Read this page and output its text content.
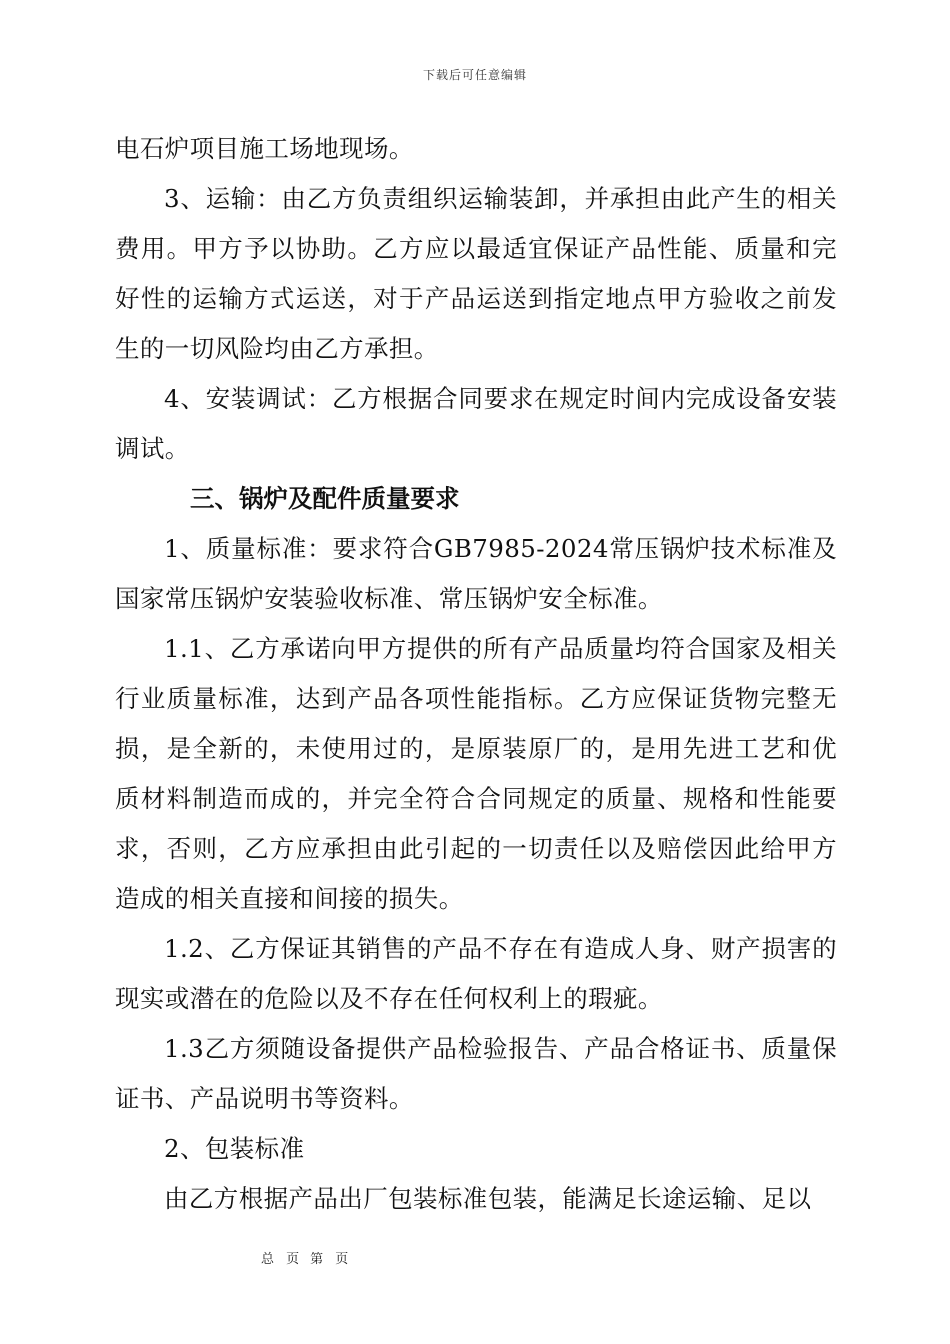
下载后可任意编辑

电石炉项目施工场地现场。

3、运输：由乙方负责组织运输装卸，并承担由此产生的相关费用。甲方予以协助。乙方应以最适宜保证产品性能、质量和完好性的运输方式运送，对于产品运送到指定地点甲方验收之前发生的一切风险均由乙方承担。

4、安装调试：乙方根据合同要求在规定时间内完成设备安装调试。

三、锅炉及配件质量要求

1、质量标准：要求符合GB7985-2024常压锅炉技术标准及国家常压锅炉安装验收标准、常压锅炉安全标准。

1.1、乙方承诺向甲方提供的所有产品质量均符合国家及相关行业质量标准，达到产品各项性能指标。乙方应保证货物完整无损，是全新的，未使用过的，是原装原厂的，是用先进工艺和优质材料制造而成的，并完全符合合同规定的质量、规格和性能要求，否则，乙方应承担由此引起的一切责任以及赔偿因此给甲方造成的相关直接和间接的损失。

1.2、乙方保证其销售的产品不存在有造成人身、财产损害的现实或潜在的危险以及不存在任何权利上的瑕疵。

1.3乙方须随设备提供产品检验报告、产品合格证书、质量保证书、产品说明书等资料。

2、包装标准

由乙方根据产品出厂包装标准包装，能满足长途运输、足以

总 页 第 页
